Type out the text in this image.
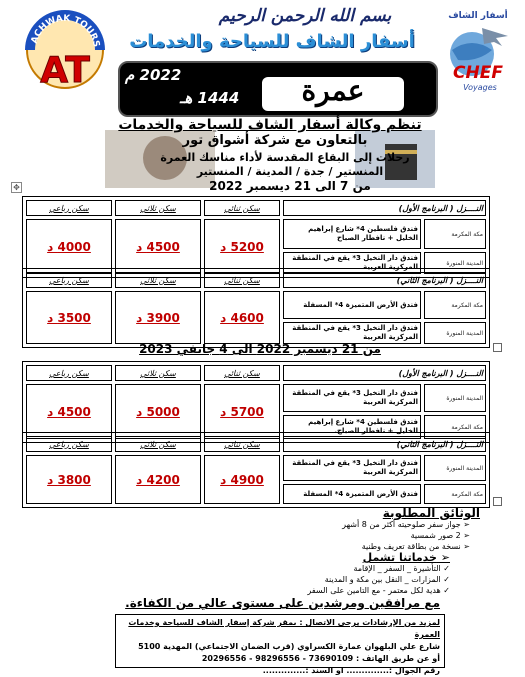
بسم الله الرحمن الرحيم
أسفار الشاف للسياحة والخدمات
ACHWAK TOURS
AT
أسفار الشاف
CHEF
Voyages
عمرة
2022 م
1444 هـ
تنظم وكالة أسفار الشاف للسياحة والخدمات
بالتعاون مع شركة أشواق تور
رحلات إلى البقاع المقدسة لأداء مناسك العمرة
المنستير / جدة / المدينة / المنستير
من 7 الى 21 ديسمبر 2022
✥
النــــزل ( البرنامج الأول)		سكن ثنائي	سكن ثلاثي	سكن رباعي
مكة المكرمة	فندق فلسطين 4* شارع إبراهيم الخليل + نافطار الصباح	5200 د	4500 د	4000 د
المدينة المنورة	فندق دار النخيل 3* يقع في المنطقة المركزية العربية			
النــــزل ( البرنامج الثاني)		سكن ثنائي	سكن ثلاثي	سكن رباعي
مكة المكرمة	فندق الأرض المتميزة 4* المسفلة	4600 د	3900 د	3500 د
المدينة المنورة	فندق دار النخيل 3* يقع في المنطقة المركزية العربية			
من 21 ديسمبر 2022 الى 4 جانفي 2023
النــــزل ( البرنامج الأول)		سكن ثنائي	سكن ثلاثي	سكن رباعي
المدينة المنورة	فندق دار النخيل 3* يقع في المنطقة المركزية العربية	5700 د	5000 د	4500 د
مكة المكرمة	فندق فلسطين 4* شارع إبراهيم الخليل + نافطار الصباح.			
النــــزل ( البرنامج الثاني)		سكن ثنائي	سكن ثلاثي	سكن رباعي
المدينة المنورة	فندق دار النخيل 3* يقع في المنطقة المركزية العربية	4900 د	4200 د	3800 د
مكة المكرمة	فندق الأرض المتميزة 4* المسفلة			
الوثائق المطلوبة
➢ جواز سفر صلوحيته أكثر من 8 أشهر
➢ 2 صور شمسية
➢ نسخة من بطاقة تعريف وطنية
➢ خدماتنا تشمل
✓ التأشيرة _ السفر _ الإقامة
✓ المزارات _ النقل بين مكة و المدينة
✓ هدية لكل معتمر - مع التامين على السفر
مع مرافقين ومرشدين على مستوى عالي من الكفاءة.
لمزيد من الإرشادات يرجى الاتصال : بمقر شركة إسفار الشاف للسياحة وخدمات العمرة
شارع علي البلهوان عمارة الكسراوي (قرب الضمان الاجتماعي) المهدية 5100
أو عن طريق الهاتف : 73690109 - 98296556 - 20296556
رقم الجوال :.............. او السند :..............
